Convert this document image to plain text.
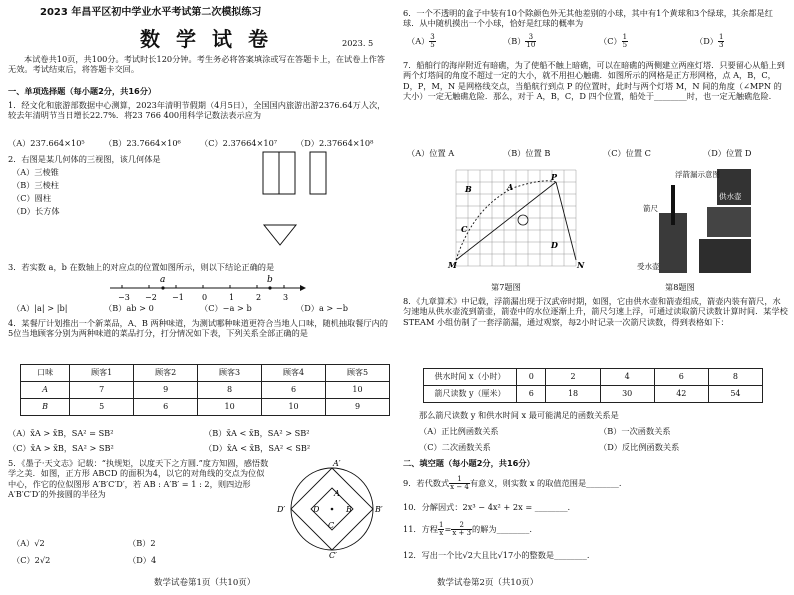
2023 年昌平区初中学业水平考试第二次模拟练习
数学试卷	2023. 5
本试卷共10页，共100分。考试时长120分钟。考生务必将答案填涂或写在答题卡上，在试卷上作答无效。考试结束后，将答题卡交回。
一、单项选择题（每小题2分，共16分）
1．经文化和旅游部数据中心测算，2023年清明节假期（4月5日），全国国内旅游出游2376.64万人次，较去年清明节当日增长22.7%．将23 766 400用科学记数法表示应为
（A）237.664×10⁵ （B）23.7664×10⁶ （C）2.37664×10⁷ （D）2.37664×10⁸
2．右图是某几何体的三视图，该几何体是
（A）三棱锥
（B）三棱柱
（C）圆柱
（D）长方体
3．若实数 a，b 在数轴上的对应点的位置如图所示，则以下结论正确的是
a	b
−3 −2 −1 0	1	2	3
（A）|a| > |b|	（B）ab > 0	（C）−a > b	（D）a > −b
4．某餐厅计划推出一个新菜品，A、B 两种味道，为测试哪种味道更符合当地人口味，随机抽取餐厅内的5位当地顾客分别为两种味道的菜品打分，打分情况如下表，下列关系全部正确的是
口味	顾客1	顾客2	顾客3	顾客4	顾客5
A	7	9	8	6	10
B	5	6	10	10	9
（A）x̄A > x̄B，SA² = SB²	（B）x̄A < x̄B，SA² > SB²
（C）x̄A > x̄B，SA² > SB²	（D）x̄A < x̄B，SA² < SB²
5．《墨子·天文志》记载：“执规矩，以度天下之方圆.”度方知圆，感悟数学之美．如图，正方形 ABCD 的面积为4，以它的对角线的交点为位似中心，作它的位似图形 A′B′C′D′，若 AB : A′B′ = 1 : 2，则四边形 A′B′C′D′的外接圆的半径为
（A）√2	（B）2
（C）2√2	（D）4
A′
B′
C′
D′
A
B
C
D
数学试卷第1页（共10页）
6．一个不透明的盒子中装有10个除颜色外无其他差别的小球，其中有1个黄球和3个绿球，其余都是红球．从中随机摸出一个小球，恰好是红球的概率为
$(A) \frac{3}{5}$	$(B) \frac{3}{10}$	$(C) \frac{1}{5}$	$(D) \frac{1}{3}$
7．船舶行的海岸附近有暗礁，为了使船不触上暗礁，可以在暗礁的两侧建立两座灯塔．只要留心从船上到两个灯塔间的角度不超过一定的大小，就不用担心触礁．如图所示的网格是正方形网格，点 A，B，C，D，P，M，N 是网格线交点，当船航行到点 P 的位置时，此时与两个灯塔 M，N 间的角度（∠MPN 的大小）一定无触礁危险．那么，对于 A，B，C，D 四个位置，船处于________时，也一定无触礁危险.
（A）位置 A	（B）位置 B	（C）位置 C	（D）位置 D
B	A
P
C
D
M	N
第7题图
浮箭漏示意图
供水壶
箭尺
受水壶
第8题图
8．《九章算术》中记载，浮箭漏出现于汉武帝时期，如图，它由供水壶和箭壶组成，箭壶内装有箭尺，水匀速地从供水壶流到箭壶，箭壶中的水位逐渐上升，箭尺匀速上浮，可通过读取箭尺读数计算时间．某学校 STEAM 小组仿制了一套浮箭漏，通过观察，每2小时记录一次箭尺读数，得到表格如下：
供水时间 x（小时）	0	2	4	6	8
箭尺读数 y（厘米）	6	18	30	42	54
那么箭尺读数 y 和供水时间 x 最可能满足的函数关系是
（A）正比例函数关系	（B）一次函数关系
（C）二次函数关系	（D）反比例函数关系
二、填空题（每小题2分，共16分）
9．若代数式 $\frac{1}{x - 4}$ 有意义，则实数 x 的取值范围是________.
10．分解因式：2x³ − 4x² + 2x = ________.
11．方程 $\frac{1}{x} = \frac{2}{x + 3}$ 的解为________.
12．写出一个比√2大且比√17小的整数是________.
数学试卷第2页（共10页）
